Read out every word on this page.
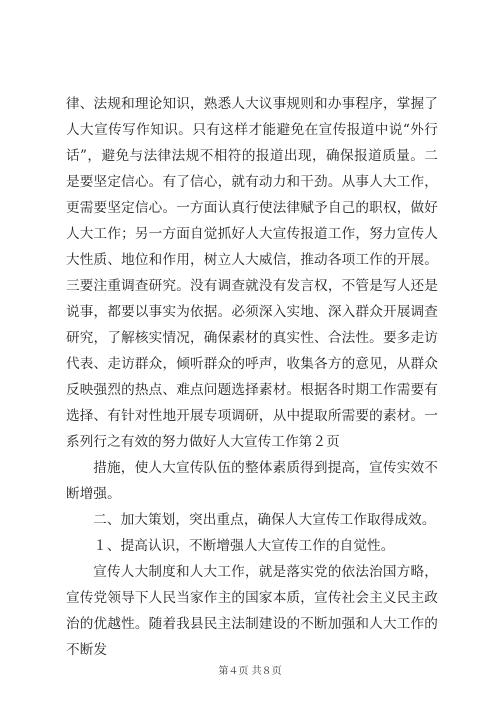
律、法规和理论知识，熟悉人大议事规则和办事程序，掌握了人大宣传写作知识。只有这样才能避免在宣传报道中说“外行话”，避免与法律法规不相符的报道出现，确保报道质量。二是要坚定信心。有了信心，就有动力和干劲。从事人大工作，更需要坚定信心。一方面认真行使法律赋予自己的职权，做好人大工作；另一方面自觉抓好人大宣传报道工作，努力宣传人大性质、地位和作用，树立人大威信，推动各项工作的开展。三要注重调查研究。没有调查就没有发言权，不管是写人还是说事，都要以事实为依据。必须深入实地、深入群众开展调查研究，了解核实情况，确保素材的真实性、合法性。要多走访代表、走访群众，倾听群众的呼声，收集各方的意见，从群众反映强烈的热点、难点问题选择素材。根据各时期工作需要有选择、有针对性地开展专项调研，从中提取所需要的素材。一系列行之有效的努力做好人大宣传工作第２页

措施，使人大宣传队伍的整体素质得到提高，宣传实效不断增强。

二、加大策划，突出重点，确保人大宣传工作取得成效。

１、提高认识，不断增强人大宣传工作的自觉性。

宣传人大制度和人大工作，就是落实党的依法治国方略，宣传党领导下人民当家作主的国家本质，宣传社会主义民主政治的优越性。随着我县民主法制建设的不断加强和人大工作的不断发

第４页 共８页
